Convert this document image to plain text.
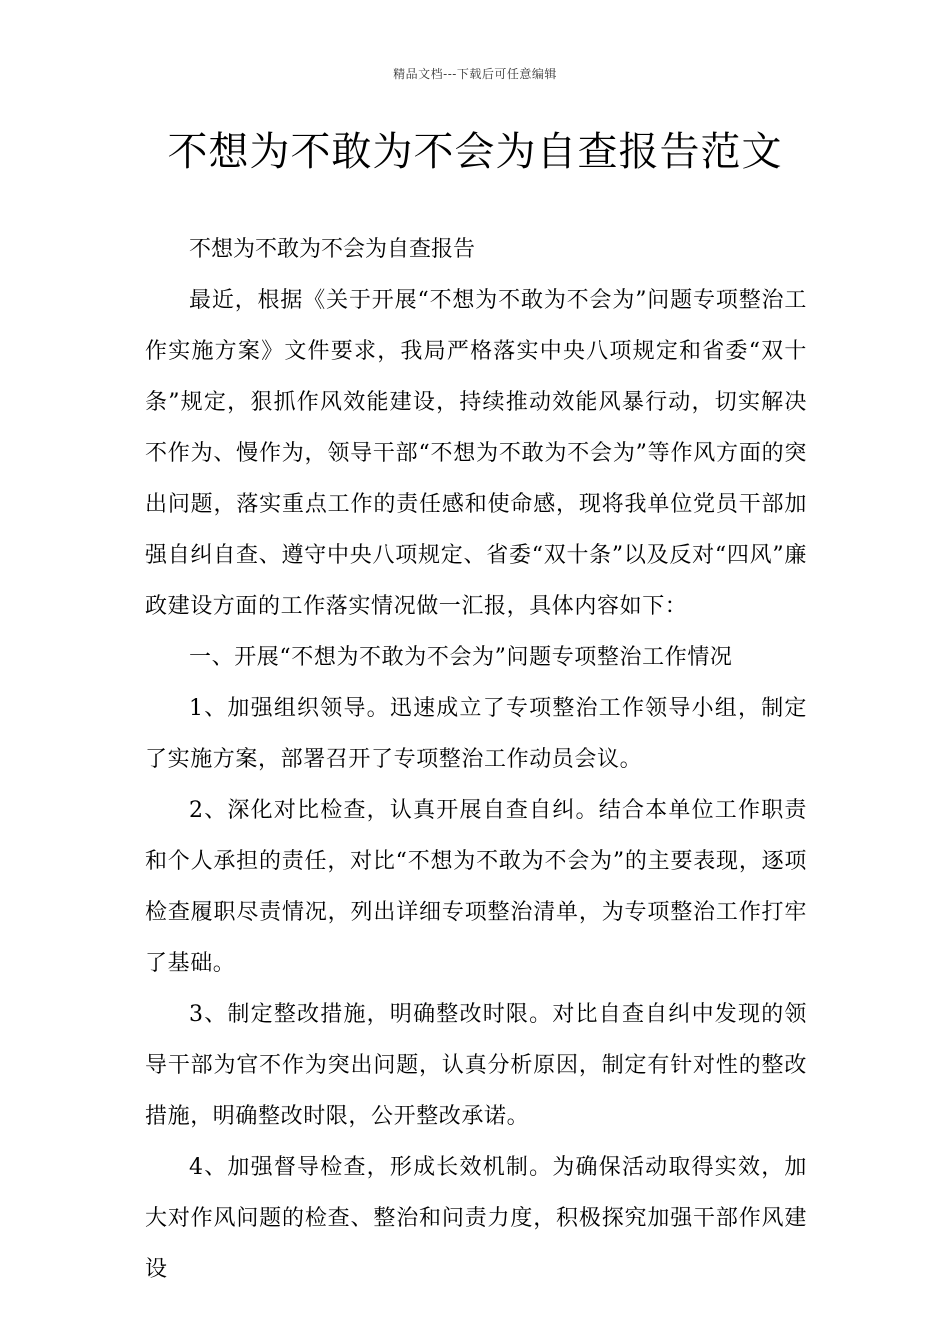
精品文档---下载后可任意编辑
不想为不敢为不会为自查报告范文

不想为不敢为不会为自查报告

最近，根据《关于开展“不想为不敢为不会为”问题专项整治工作实施方案》文件要求，我局严格落实中央八项规定和省委“双十条”规定，狠抓作风效能建设，持续推动效能风暴行动，切实解决不作为、慢作为，领导干部“不想为不敢为不会为”等作风方面的突出问题，落实重点工作的责任感和使命感，现将我单位党员干部加强自纠自查、遵守中央八项规定、省委“双十条”以及反对“四风”廉政建设方面的工作落实情况做一汇报，具体内容如下：

一、开展“不想为不敢为不会为”问题专项整治工作情况

1、加强组织领导。迅速成立了专项整治工作领导小组，制定了实施方案，部署召开了专项整治工作动员会议。

2、深化对比检查，认真开展自查自纠。结合本单位工作职责和个人承担的责任，对比“不想为不敢为不会为”的主要表现，逐项检查履职尽责情况，列出详细专项整治清单，为专项整治工作打牢了基础。

3、制定整改措施，明确整改时限。对比自查自纠中发现的领导干部为官不作为突出问题，认真分析原因，制定有针对性的整改措施，明确整改时限，公开整改承诺。

4、加强督导检查，形成长效机制。为确保活动取得实效，加大对作风问题的检查、整治和问责力度，积极探究加强干部作风建设
